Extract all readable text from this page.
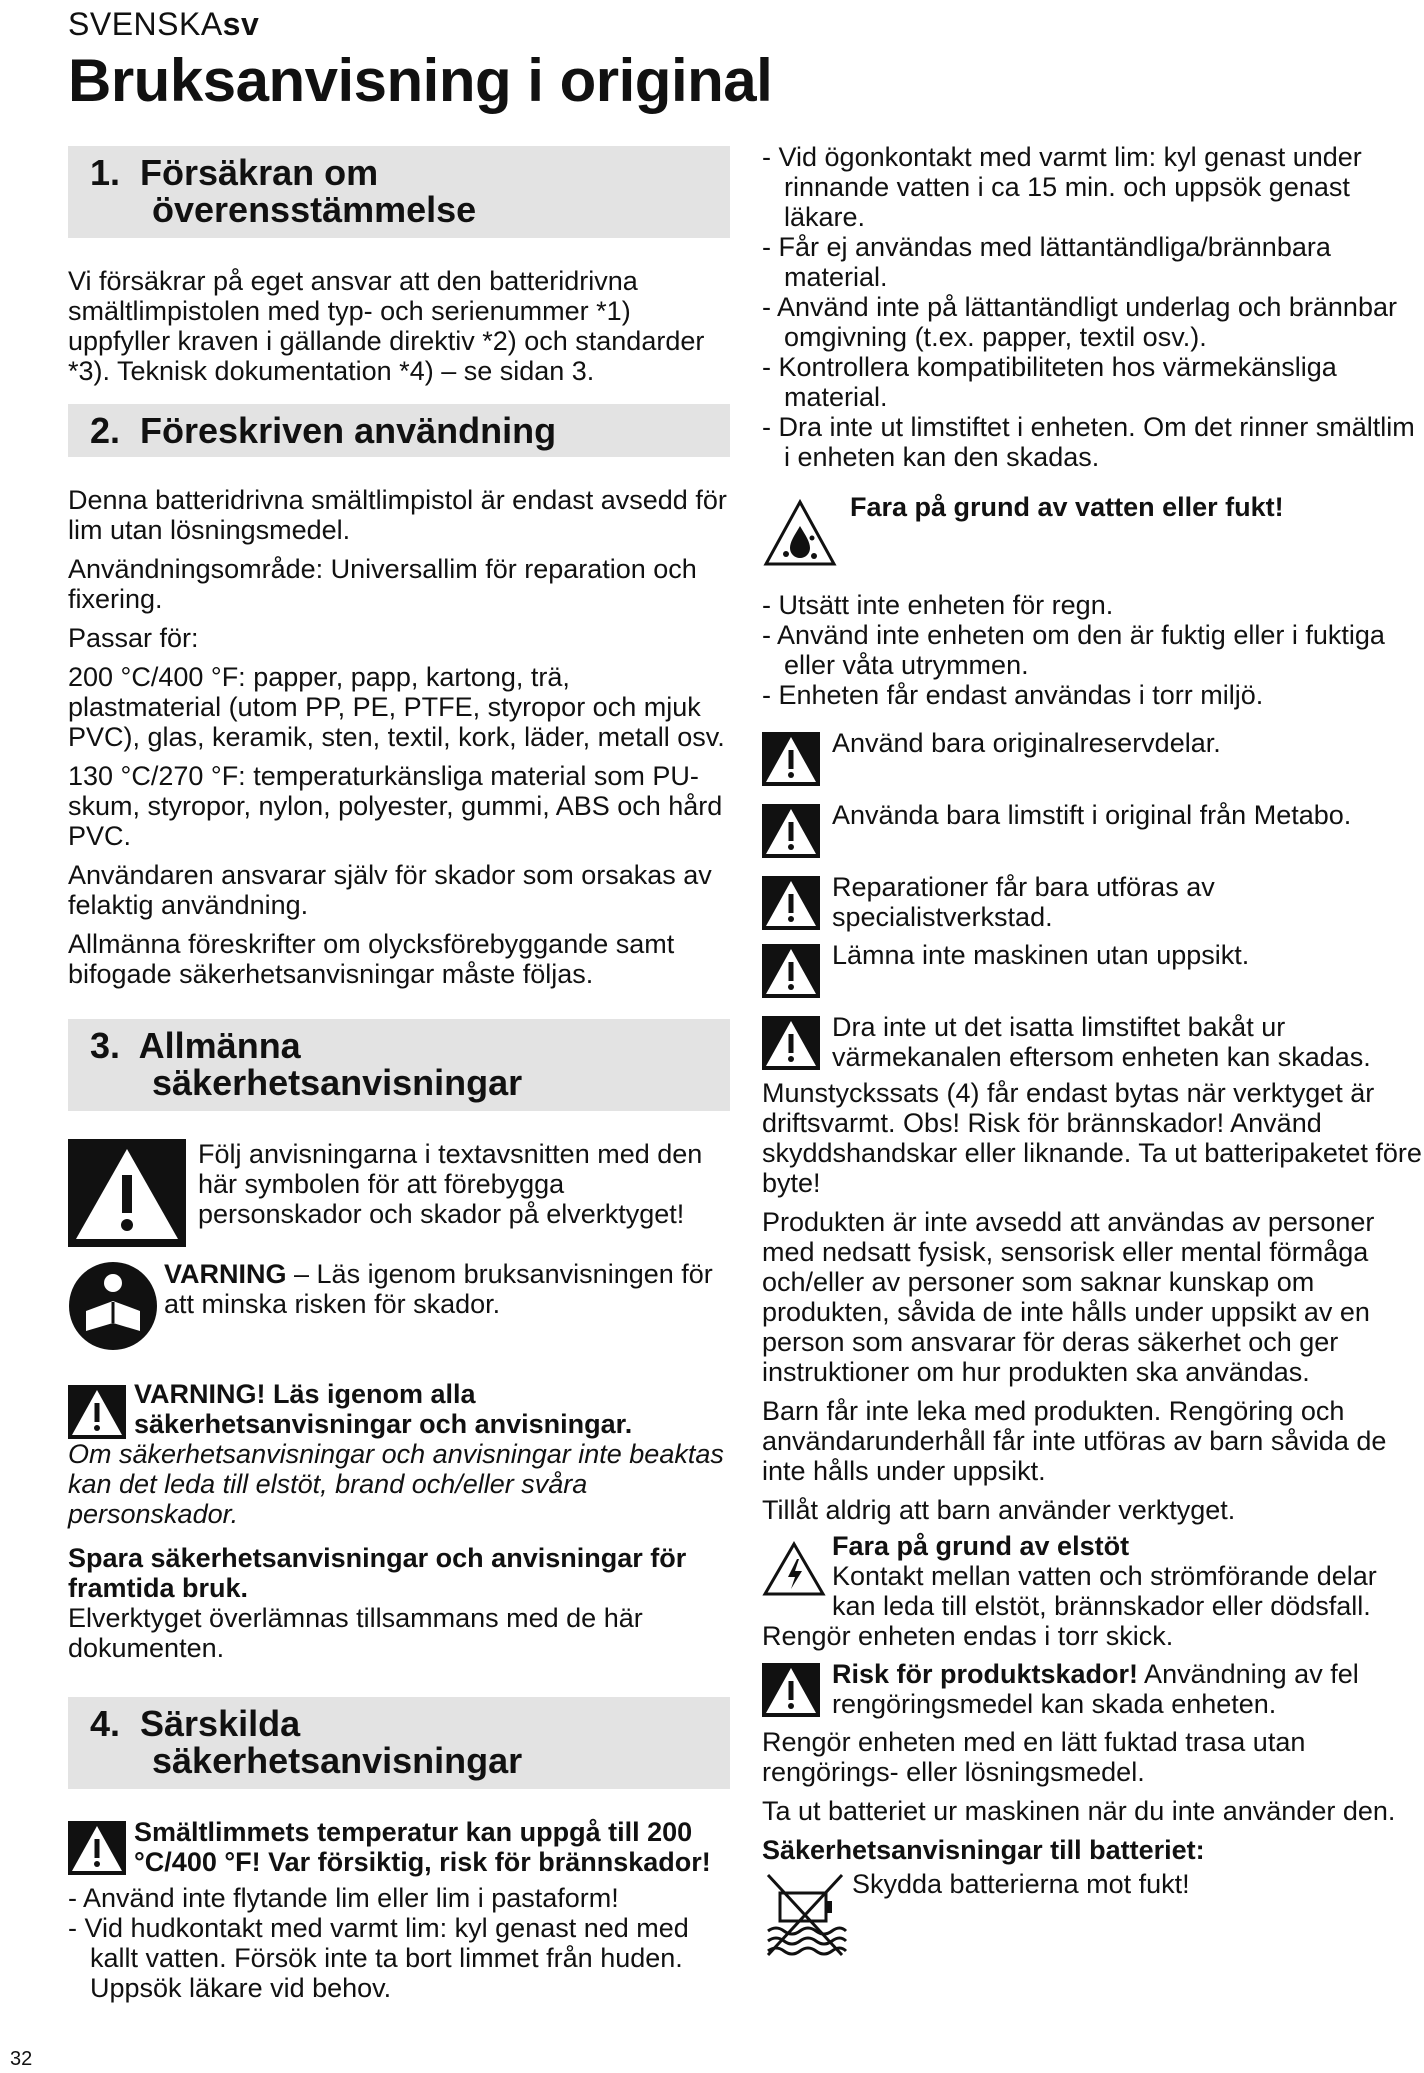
SVENSKAsv
Bruksanvisning i original
1. Försäkran om
överensstämmelse

Vi försäkrar på eget ansvar att den batteridrivna smältlimpistolen med typ- och serienummer *1) uppfyller kraven i gällande direktiv *2) och standarder *3). Teknisk dokumentation *4) – se sidan 3.

2. Föreskriven användning

Denna batteridrivna smältlimpistol är endast avsedd för lim utan lösningsmedel.

Användningsområde: Universallim för reparation och fixering.

Passar för:

200 °C/400 °F: papper, papp, kartong, trä, plastmaterial (utom PP, PE, PTFE, styropor och mjuk PVC), glas, keramik, sten, textil, kork, läder, metall osv.

130 °C/270 °F: temperaturkänsliga material som PU-skum, styropor, nylon, polyester, gummi, ABS och hård PVC.

Användaren ansvarar själv för skador som orsakas av felaktig användning.

Allmänna föreskrifter om olycksförebyggande samt bifogade säkerhetsanvisningar måste följas.

3. Allmänna
säkerhetsanvisningar
Följ anvisningarna i textavsnitten med den här symbolen för att förebygga personskador och skador på elverktyget!
VARNING – Läs igenom bruksanvisningen för att minska risken för skador.
VARNING! Läs igenom alla säkerhetsanvisningar och anvisningar.

Om säkerhetsanvisningar och anvisningar inte beaktas kan det leda till elstöt, brand och/eller svåra personskador.

Spara säkerhetsanvisningar och anvisningar för framtida bruk.

Elverktyget överlämnas tillsammans med de här dokumenten.

4. Särskilda
säkerhetsanvisningar
Smältlimmets temperatur kan uppgå till 200 °C/400 °F! Var försiktig, risk för brännskador!
- Använd inte flytande lim eller lim i pastaform!
- Vid hudkontakt med varmt lim: kyl genast ned med kallt vatten. Försök inte ta bort limmet från huden. Uppsök läkare vid behov.
- Vid ögonkontakt med varmt lim: kyl genast under rinnande vatten i ca 15 min. och uppsök genast läkare.
- Får ej användas med lättantändliga/brännbara material.
- Använd inte på lättantändligt underlag och brännbar omgivning (t.ex. papper, textil osv.).
- Kontrollera kompatibiliteten hos värmekänsliga material.
- Dra inte ut limstiftet i enheten. Om det rinner smältlim i enheten kan den skadas.
Fara på grund av vatten eller fukt!
- Utsätt inte enheten för regn.
- Använd inte enheten om den är fuktig eller i fuktiga eller våta utrymmen.
- Enheten får endast användas i torr miljö.
Använd bara originalreservdelar.
Använda bara limstift i original från Metabo.
Reparationer får bara utföras av specialistverkstad.
Lämna inte maskinen utan uppsikt.
Dra inte ut det isatta limstiftet bakåt ur värmekanalen eftersom enheten kan skadas.

Munstyckssats (4) får endast bytas när verktyget är driftsvarmt. Obs! Risk för brännskador! Använd skyddshandskar eller liknande. Ta ut batteripaketet före byte!

Produkten är inte avsedd att användas av personer med nedsatt fysisk, sensorisk eller mental förmåga och/eller av personer som saknar kunskap om produkten, såvida de inte hålls under uppsikt av en person som ansvarar för deras säkerhet och ger instruktioner om hur produkten ska användas.

Barn får inte leka med produkten. Rengöring och användarunderhåll får inte utföras av barn såvida de inte hålls under uppsikt.

Tillåt aldrig att barn använder verktyget.

Fara på grund av elstöt
Kontakt mellan vatten och strömförande delar kan leda till elstöt, brännskador eller dödsfall. Rengör enheten endas i torr skick.
Risk för produktskador! Användning av fel rengöringsmedel kan skada enheten.

Rengör enheten med en lätt fuktad trasa utan rengörings- eller lösningsmedel.

Ta ut batteriet ur maskinen när du inte använder den.

Säkerhetsanvisningar till batteriet:

Skydda batterierna mot fukt!
32
